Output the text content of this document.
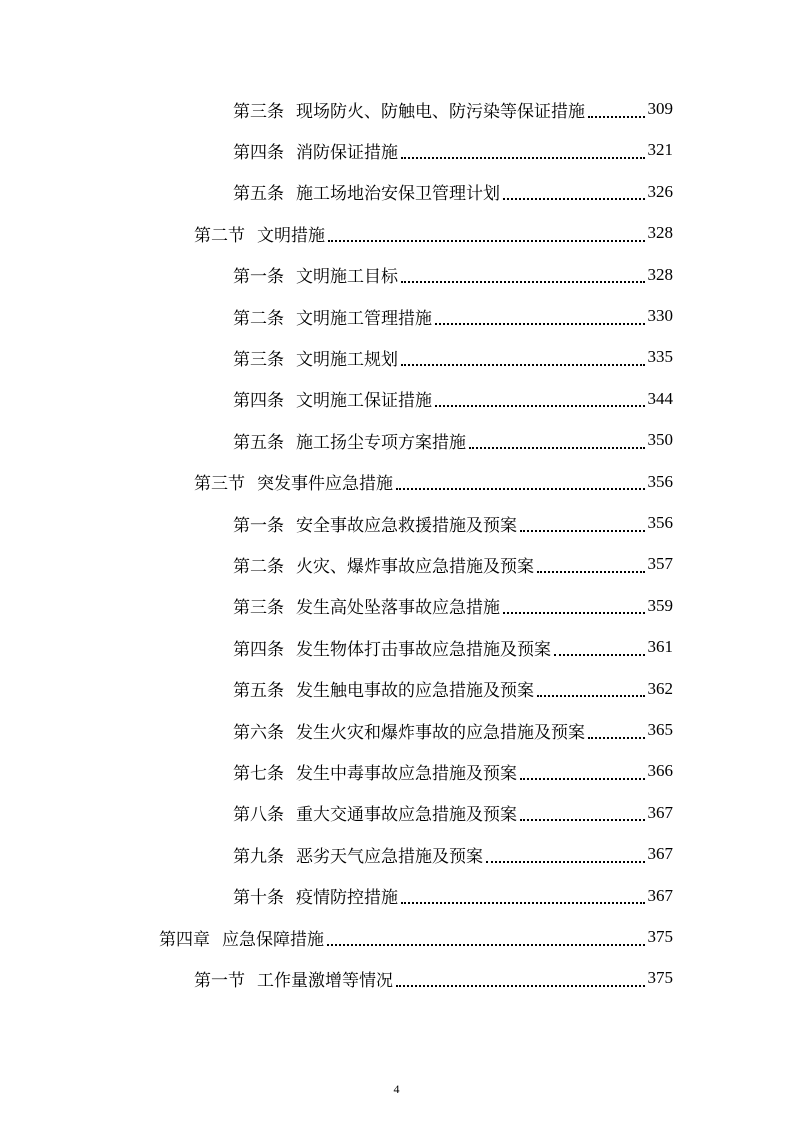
第三条 现场防火、防触电、防污染等保证措施	309
第四条 消防保证措施	321
第五条 施工场地治安保卫管理计划	326
第二节 文明措施	328
第一条 文明施工目标	328
第二条 文明施工管理措施	330
第三条 文明施工规划	335
第四条 文明施工保证措施	344
第五条 施工扬尘专项方案措施	350
第三节 突发事件应急措施	356
第一条 安全事故应急救援措施及预案	356
第二条 火灾、爆炸事故应急措施及预案	357
第三条 发生高处坠落事故应急措施	359
第四条 发生物体打击事故应急措施及预案	361
第五条 发生触电事故的应急措施及预案	362
第六条 发生火灾和爆炸事故的应急措施及预案	365
第七条 发生中毒事故应急措施及预案	366
第八条 重大交通事故应急措施及预案	367
第九条 恶劣天气应急措施及预案	367
第十条 疫情防控措施	367
第四章 应急保障措施	375
第一节 工作量激增等情况	375
4
